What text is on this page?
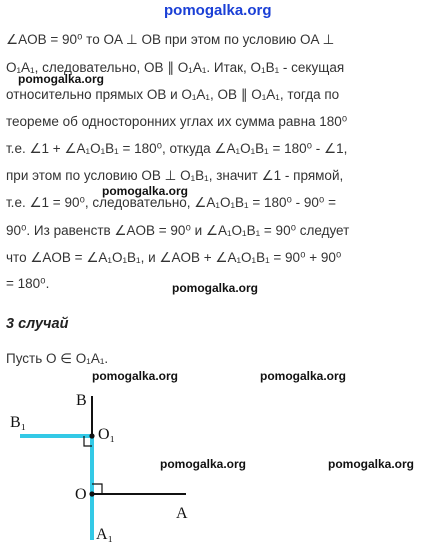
pomogalka.org
∠AOB = 90⁰ то OA ⊥ OB при этом по условию OA ⊥
O₁A₁, следовательно, OB ∥ O₁A₁. Итак, O₁B₁ - секущая
pomogalka.org
относительно прямых OB и O₁A₁, OB ∥ O₁A₁, тогда по
теореме об односторонних углах их сумма равна 180⁰
т.е. ∠1 + ∠A₁O₁B₁ = 180⁰, откуда ∠A₁O₁B₁ = 180⁰ - ∠1,
при этом по условию OB ⊥ O₁B₁, значит ∠1 - прямой,
pomogalka.org
т.е. ∠1 = 90⁰, следовательно, ∠A₁O₁B₁ = 180⁰ - 90⁰ =
90⁰. Из равенств ∠AOB = 90⁰ и ∠A₁O₁B₁ = 90⁰ следует
что ∠AOB = ∠A₁O₁B₁, и ∠AOB + ∠A₁O₁B₁ = 90⁰ + 90⁰
= 180⁰.	pomogalka.org
3 случай
Пусть O ∈ O₁A₁.
pomogalka.org	pomogalka.org
pomogalka.org	pomogalka.org
B
B₁
O₁
O
A
A₁
